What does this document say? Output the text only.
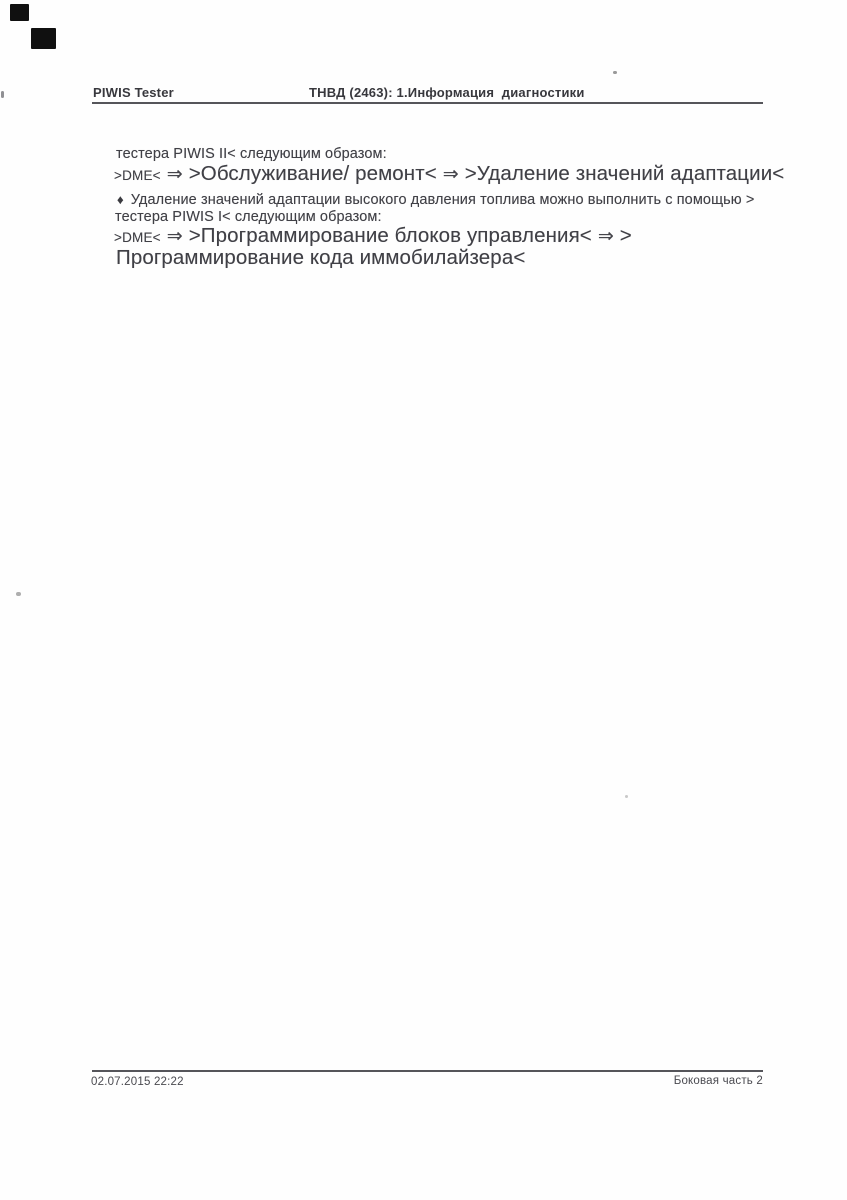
PIWIS Tester	ТНВД (2463): 1.Информация  диагностики

тестера PIWIS II< следующим образом:

>DME< ⇒ >Обслуживание/ ремонт< ⇒ >Удаление значений адаптации<

♦ Удаление значений адаптации высокого давления топлива можно выполнить с помощью >

тестера PIWIS I< следующим образом:

>DME< ⇒ >Программирование блоков управления< ⇒ >

Программирование кода иммобилайзера<

02.07.2015 22:22	Боковая часть 2
